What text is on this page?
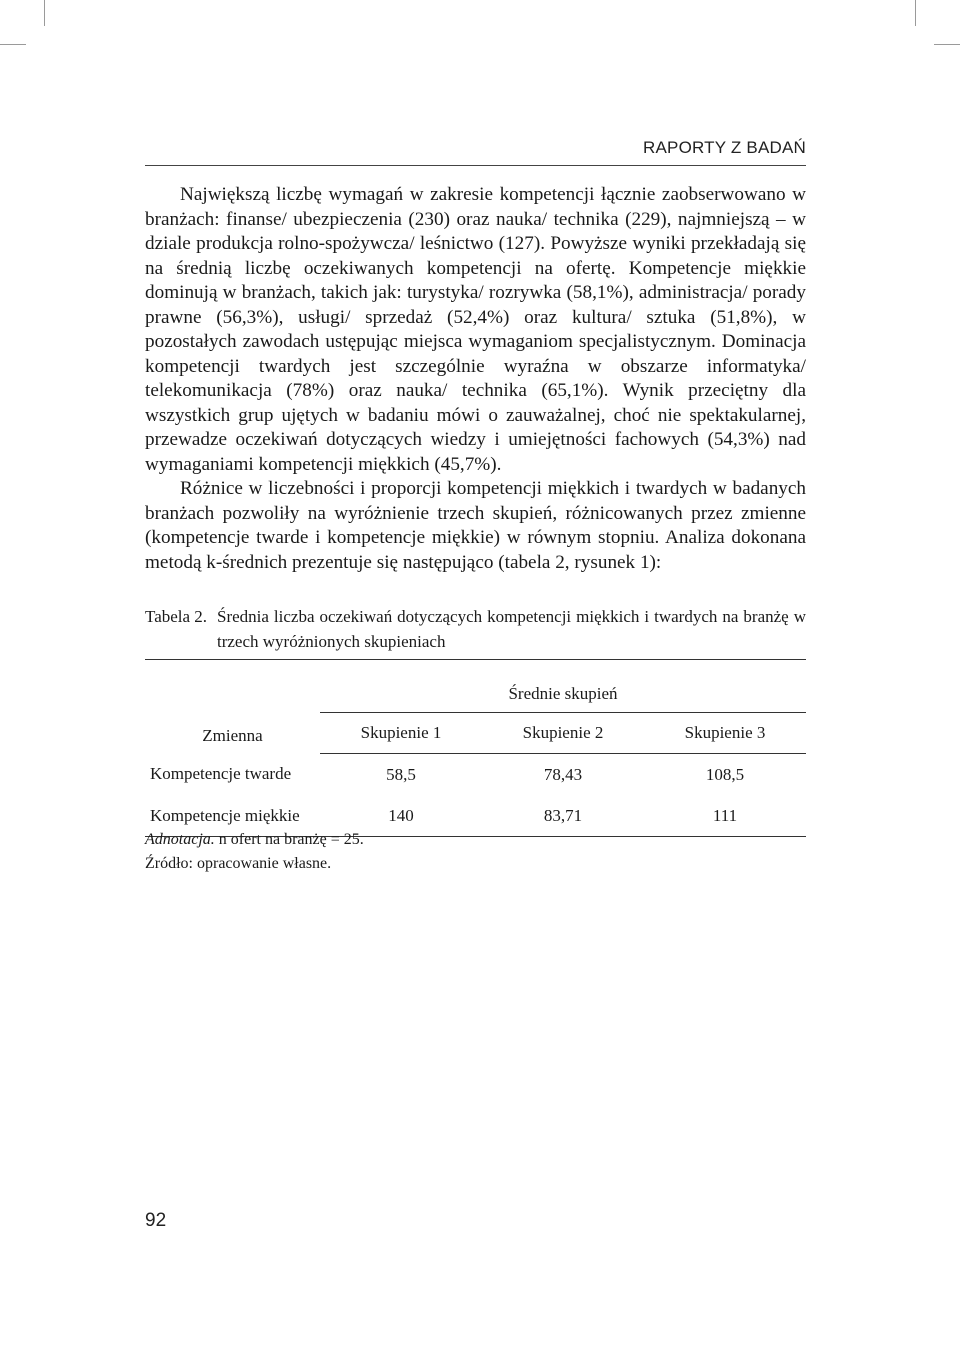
RAPORTY Z BADAŃ

Największą liczbę wymagań w zakresie kompetencji łącznie zaobserwowano w branżach: finanse/ ubezpieczenia (230) oraz nauka/ technika (229), najmniejszą – w dziale produkcja rolno-spożywcza/ leśnictwo (127). Powyższe wyniki przekładają się na średnią liczbę oczekiwanych kompetencji na ofertę. Kompetencje miękkie dominują w branżach, takich jak: turystyka/ rozrywka (58,1%), administracja/ porady prawne (56,3%), usługi/ sprzedaż (52,4%) oraz kultura/ sztuka (51,8%), w pozostałych zawodach ustępując miejsca wymaganiom specjalistycznym. Dominacja kompetencji twardych jest szczególnie wyraźna w obszarze informatyka/ telekomunikacja (78%) oraz nauka/ technika (65,1%). Wynik przeciętny dla wszystkich grup ujętych w badaniu mówi o zauważalnej, choć nie spektakularnej, przewadze oczekiwań dotyczących wiedzy i umiejętności fachowych (54,3%) nad wymaganiami kompetencji miękkich (45,7%).

Różnice w liczebności i proporcji kompetencji miękkich i twardych w badanych branżach pozwoliły na wyróżnienie trzech skupień, różnicowanych przez zmienne (kompetencje twarde i kompetencje miękkie) w równym stopniu. Analiza dokonana metodą k-średnich prezentuje się następująco (tabela 2, rysunek 1):

Tabela 2. Średnia liczba oczekiwań dotyczących kompetencji miękkich i twardych na branżę w trzech wyróżnionych skupieniach
Zmienna	Średnie skupień		
	Skupienie 1	Skupienie 2	Skupienie 3
Kompetencje twarde	58,5	78,43	108,5
Kompetencje miękkie	140	83,71	111
Adnotacja. n ofert na branżę = 25.
Źródło: opracowanie własne.
92
